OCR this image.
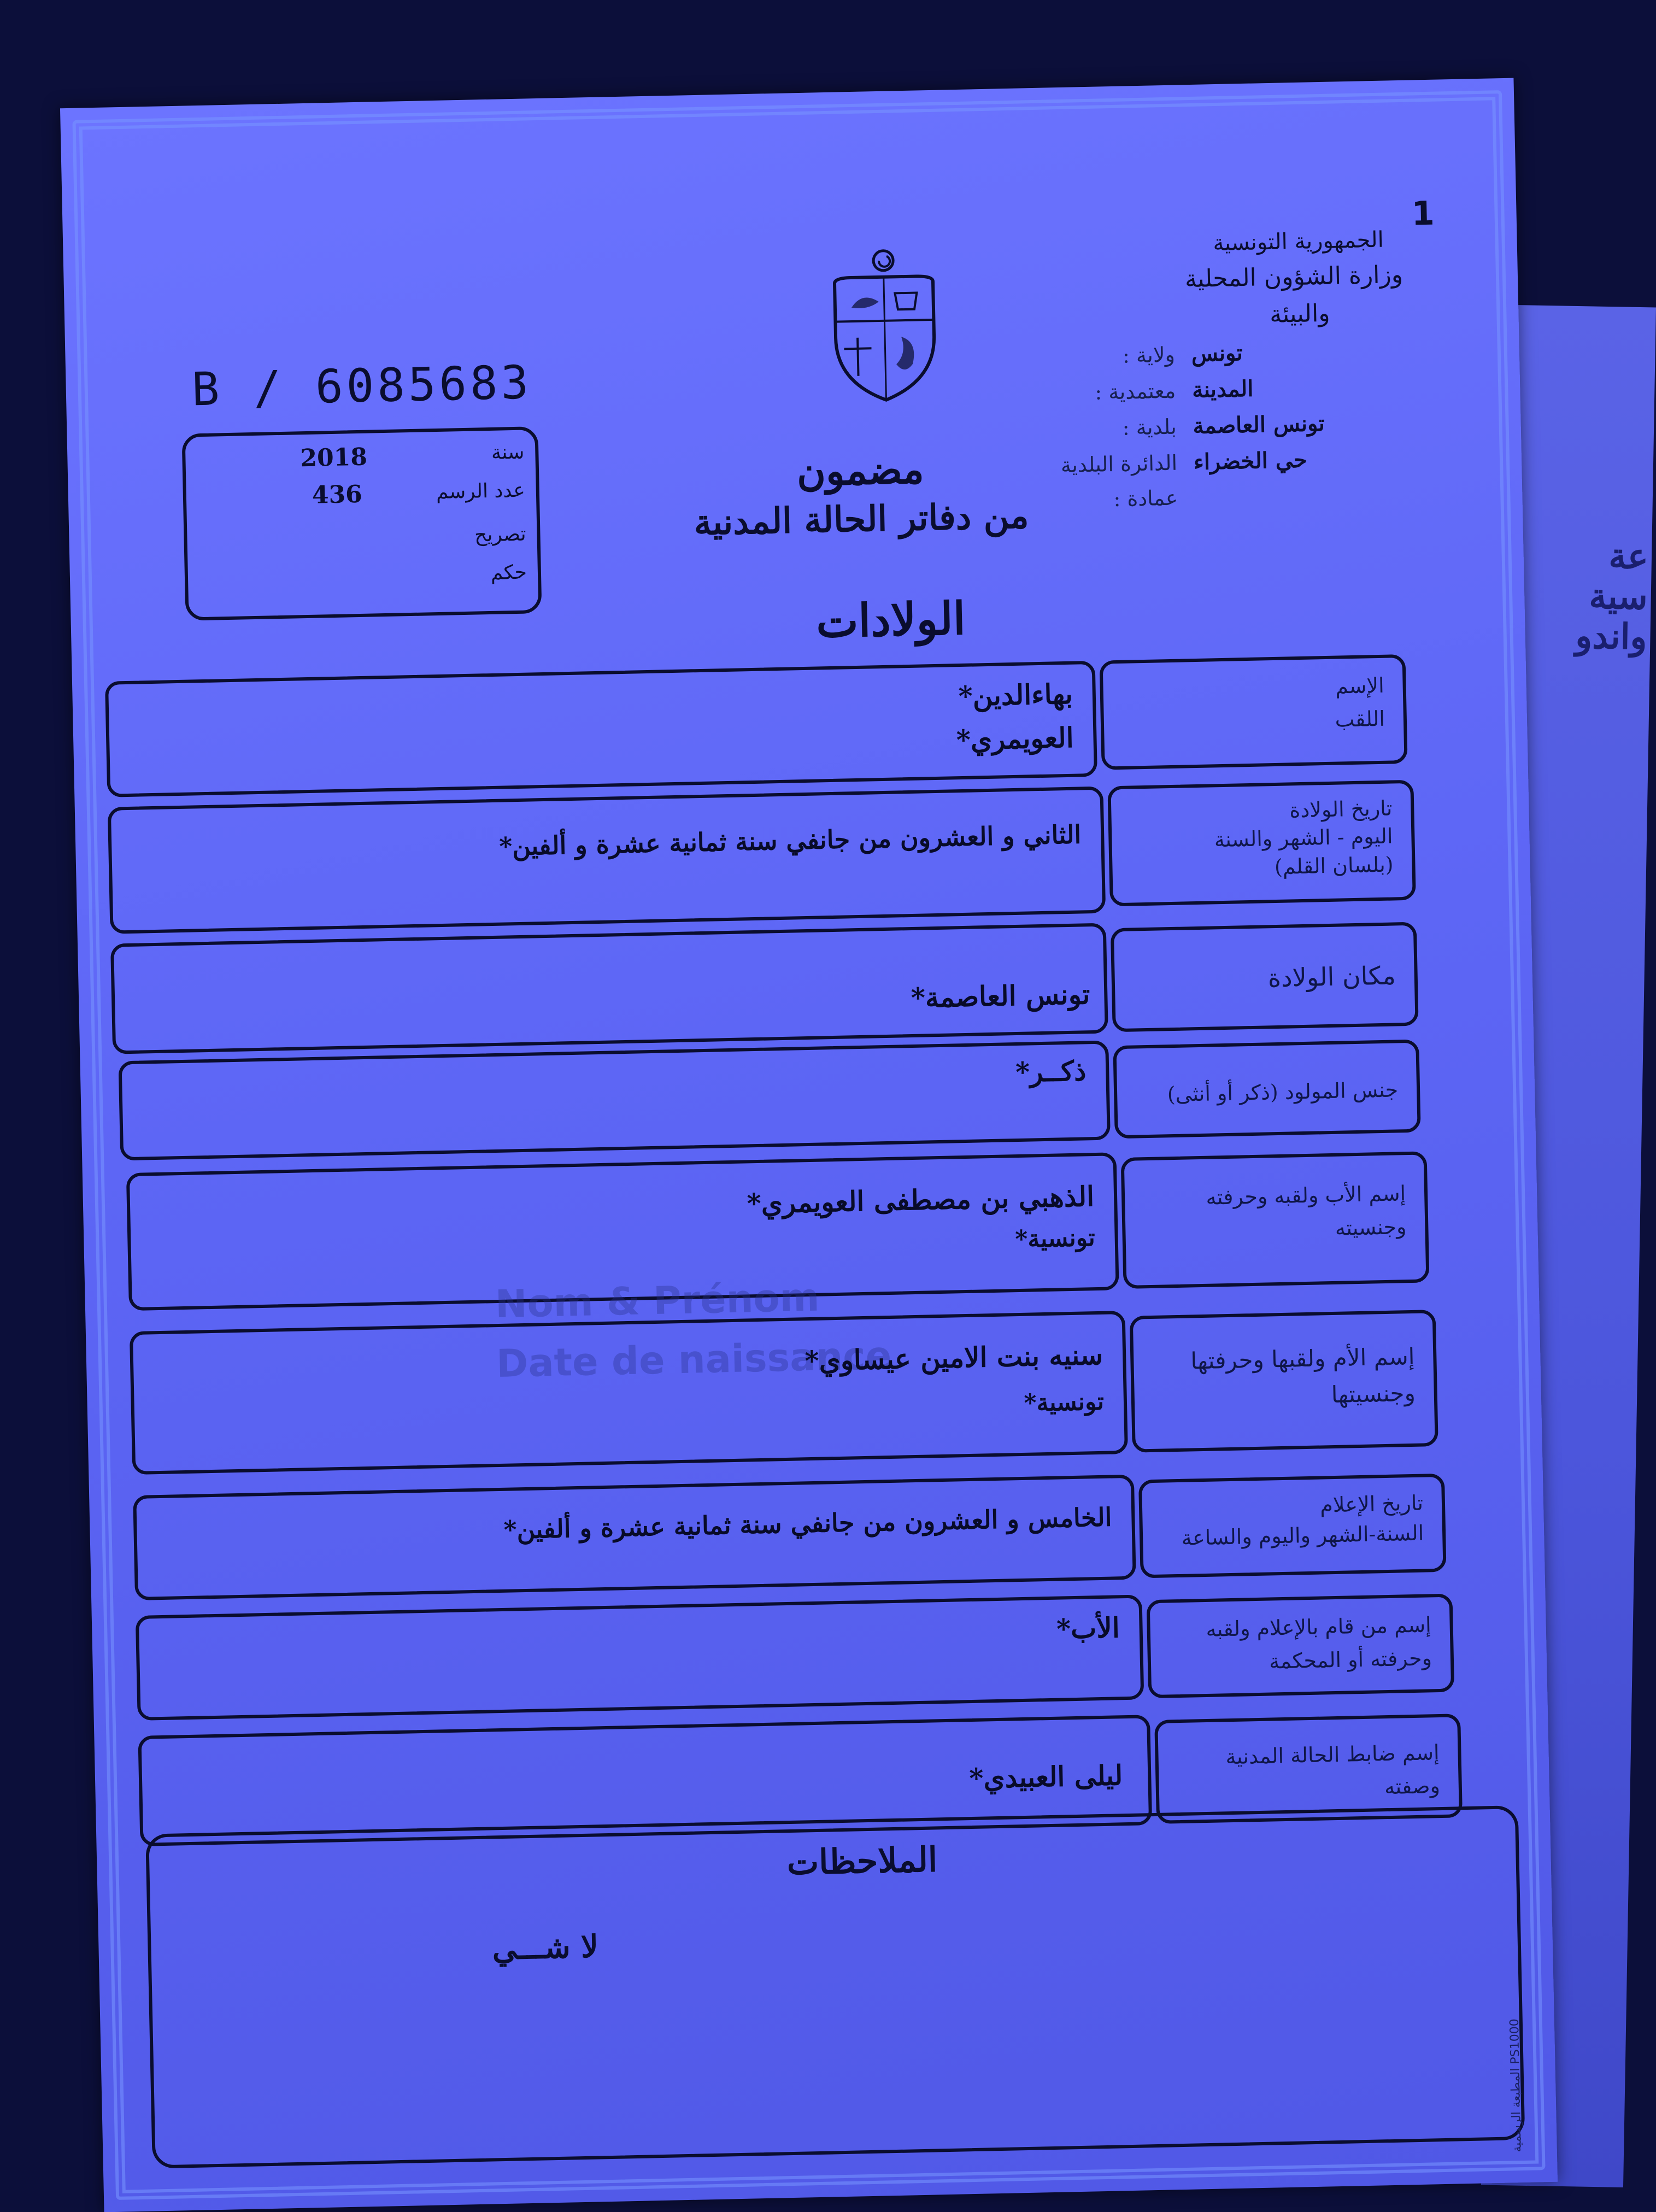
عة
سية
واندو
1
الجمهورية التونسية
وزارة الشؤون المحلية
والبيئة
ولاية : تونس
معتمدية : المدينة
بلدية : تونس العاصمة
الدائرة البلدية حي الخضراء
عمادة :
B / 6085683
سنة
2018
عدد الرسم
436
تصريح
حكم
مضمون
من دفاتر الحالة المدنية
الولادات
الإسم
اللقب
بهاءالدين*
العويمري*
تاريخ الولادة
اليوم - الشهر والسنة
(بلسان القلم)
الثاني و العشرون من جانفي سنة ثمانية عشرة و ألفين*
مكان الولادة
تونس العاصمة*
جنس المولود (ذكر أو أنثى)
ذكــر*
إسم الأب ولقبه وحرفته
وجنسيته
الذهبي بن مصطفى العويمري*
تونسية*
Nom & Prénom
Date de naissance	إسم الأم ولقبها وحرفتها
وجنسيتها
سنيه بنت الامين عيساوي*
تونسية*
تاريخ الإعلام
السنة-الشهر واليوم والساعة
الخامس و العشرون من جانفي سنة ثمانية عشرة و ألفين*
إسم من قام بالإعلام ولقبه
وحرفته أو المحكمة
الأب*
إسم ضابط الحالة المدنية
وصفته
ليلى العبيدي*
الملاحظات
لا شـــي
المطبعة الرسمية PS1000
